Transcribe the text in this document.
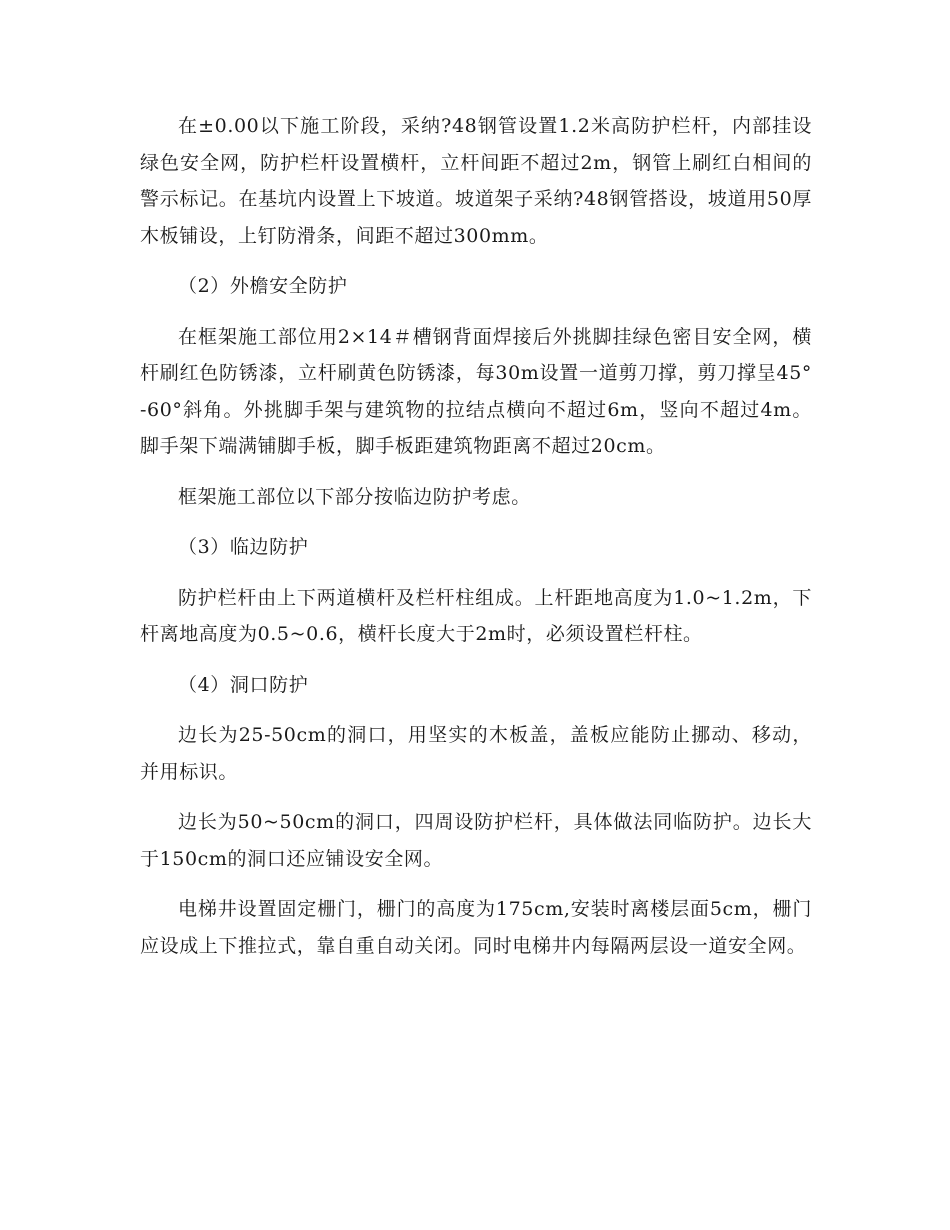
在±0.00以下施工阶段，采纳?48钢管设置1.2米高防护栏杆，内部挂设绿色安全网，防护栏杆设置横杆，立杆间距不超过2m，钢管上刷红白相间的警示标记。在基坑内设置上下坡道。坡道架子采纳?48钢管搭设，坡道用50厚木板铺设，上钉防滑条，间距不超过300mm。

（2）外檐安全防护

在框架施工部位用2×14＃槽钢背面焊接后外挑脚挂绿色密目安全网，横杆刷红色防锈漆，立杆刷黄色防锈漆，每30m设置一道剪刀撑，剪刀撑呈45°-60°斜角。外挑脚手架与建筑物的拉结点横向不超过6m，竖向不超过4m。脚手架下端满铺脚手板，脚手板距建筑物距离不超过20cm。

框架施工部位以下部分按临边防护考虑。

（3）临边防护

防护栏杆由上下两道横杆及栏杆柱组成。上杆距地高度为1.0~1.2m，下杆离地高度为0.5~0.6，横杆长度大于2m时，必须设置栏杆柱。

（4）洞口防护

边长为25-50cm的洞口，用坚实的木板盖，盖板应能防止挪动、移动，并用标识。

边长为50~50cm的洞口，四周设防护栏杆，具体做法同临防护。边长大于150cm的洞口还应铺设安全网。

电梯井设置固定栅门，栅门的高度为175cm,安装时离楼层面5cm，栅门应设成上下推拉式，靠自重自动关闭。同时电梯井内每隔两层设一道安全网。
